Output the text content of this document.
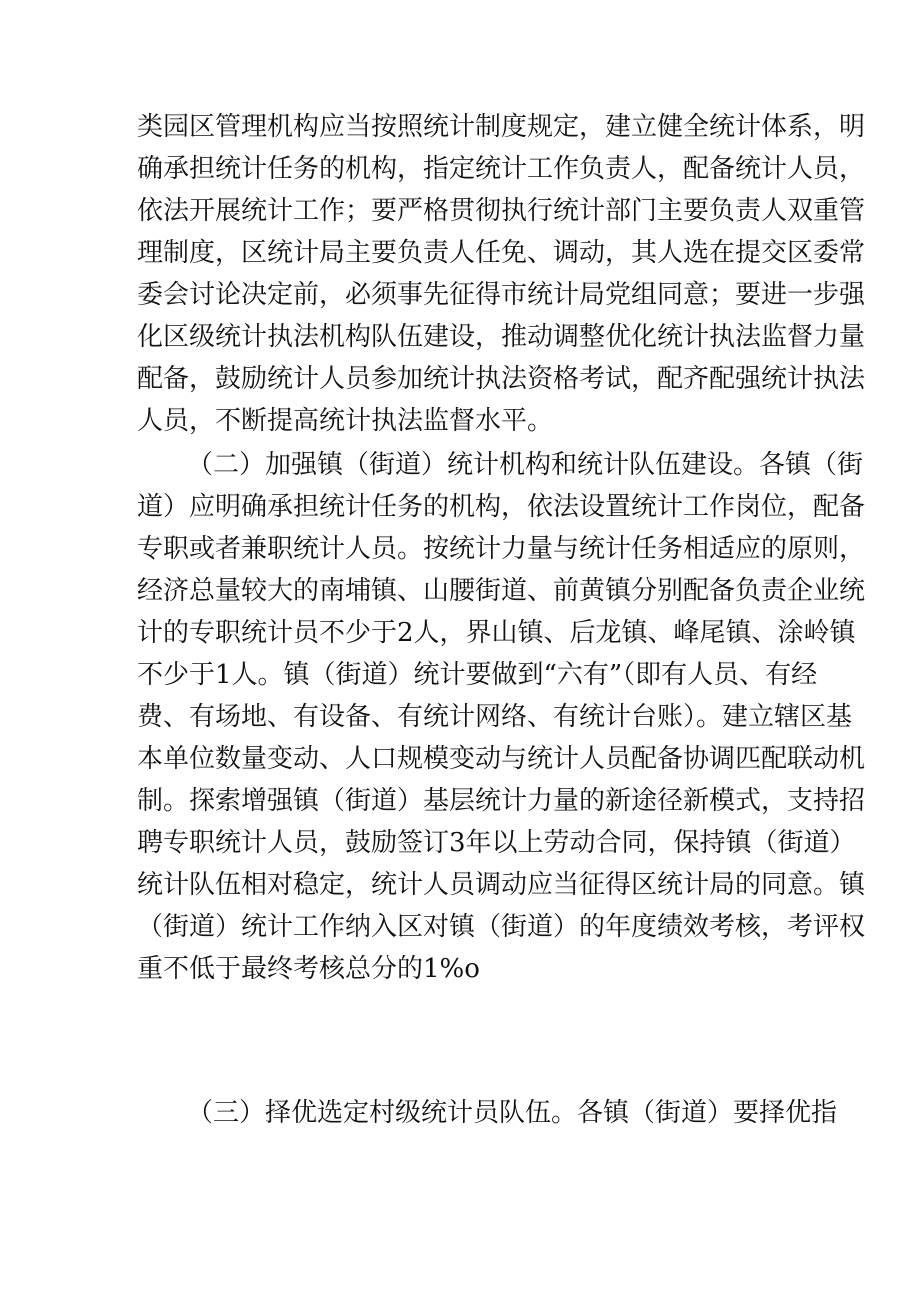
类园区管理机构应当按照统计制度规定，建立健全统计体系，明
确承担统计任务的机构，指定统计工作负责人，配备统计人员，
依法开展统计工作；要严格贯彻执行统计部门主要负责人双重管
理制度，区统计局主要负责人任免、调动，其人选在提交区委常
委会讨论决定前，必须事先征得市统计局党组同意；要进一步强
化区级统计执法机构队伍建设，推动调整优化统计执法监督力量
配备，鼓励统计人员参加统计执法资格考试，配齐配强统计执法
人员，不断提高统计执法监督水平。
（二）加强镇（街道）统计机构和统计队伍建设。各镇（街
道）应明确承担统计任务的机构，依法设置统计工作岗位，配备
专职或者兼职统计人员。按统计力量与统计任务相适应的原则，
经济总量较大的南埔镇、山腰街道、前黄镇分别配备负责企业统
计的专职统计员不少于2人，界山镇、后龙镇、峰尾镇、涂岭镇
不少于1人。镇（街道）统计要做到“六有”（即有人员、有经
费、有场地、有设备、有统计网络、有统计台账）。建立辖区基
本单位数量变动、人口规模变动与统计人员配备协调匹配联动机
制。探索增强镇（街道）基层统计力量的新途径新模式，支持招
聘专职统计人员，鼓励签订3年以上劳动合同，保持镇（街道）
统计队伍相对稳定，统计人员调动应当征得区统计局的同意。镇
（街道）统计工作纳入区对镇（街道）的年度绩效考核，考评权
重不低于最终考核总分的1%o
（三）择优选定村级统计员队伍。各镇（街道）要择优指
